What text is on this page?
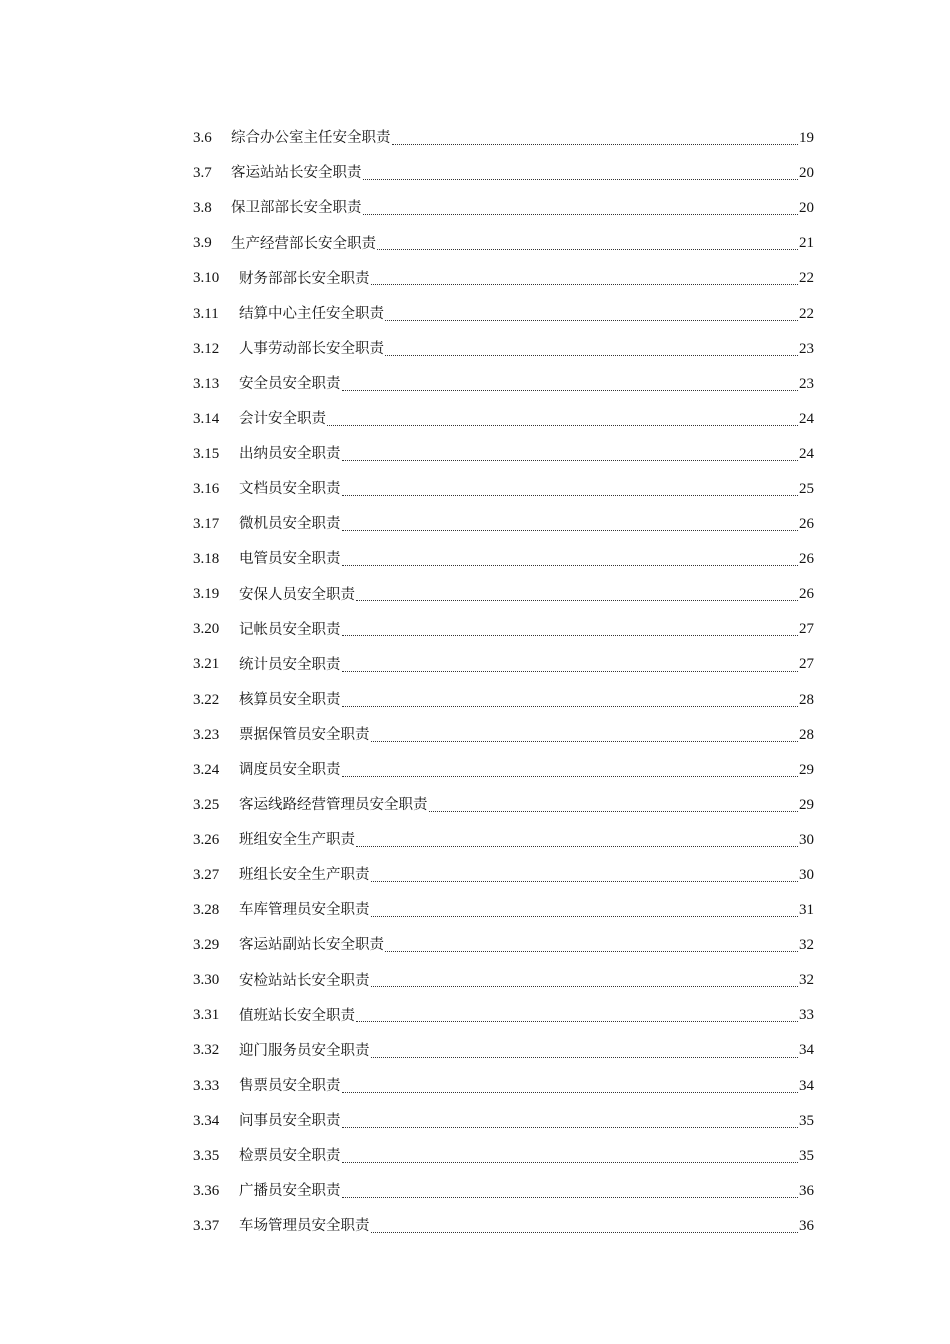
3.6	综合办公室主任安全职责	19
3.7	客运站站长安全职责	20
3.8	保卫部部长安全职责	20
3.9	生产经营部长安全职责	21
3.10	财务部部长安全职责	22
3.11	结算中心主任安全职责	22
3.12	人事劳动部长安全职责	23
3.13	安全员安全职责	23
3.14	会计安全职责	24
3.15	出纳员安全职责	24
3.16	文档员安全职责	25
3.17	微机员安全职责	26
3.18	电管员安全职责	26
3.19	安保人员安全职责	26
3.20	记帐员安全职责	27
3.21	统计员安全职责	27
3.22	核算员安全职责	28
3.23	票据保管员安全职责	28
3.24	调度员安全职责	29
3.25	客运线路经营管理员安全职责	29
3.26	班组安全生产职责	30
3.27	班组长安全生产职责	30
3.28	车库管理员安全职责	31
3.29	客运站副站长安全职责	32
3.30	安检站站长安全职责	32
3.31	值班站长安全职责	33
3.32	迎门服务员安全职责	34
3.33	售票员安全职责	34
3.34	问事员安全职责	35
3.35	检票员安全职责	35
3.36	广播员安全职责	36
3.37	车场管理员安全职责	36
